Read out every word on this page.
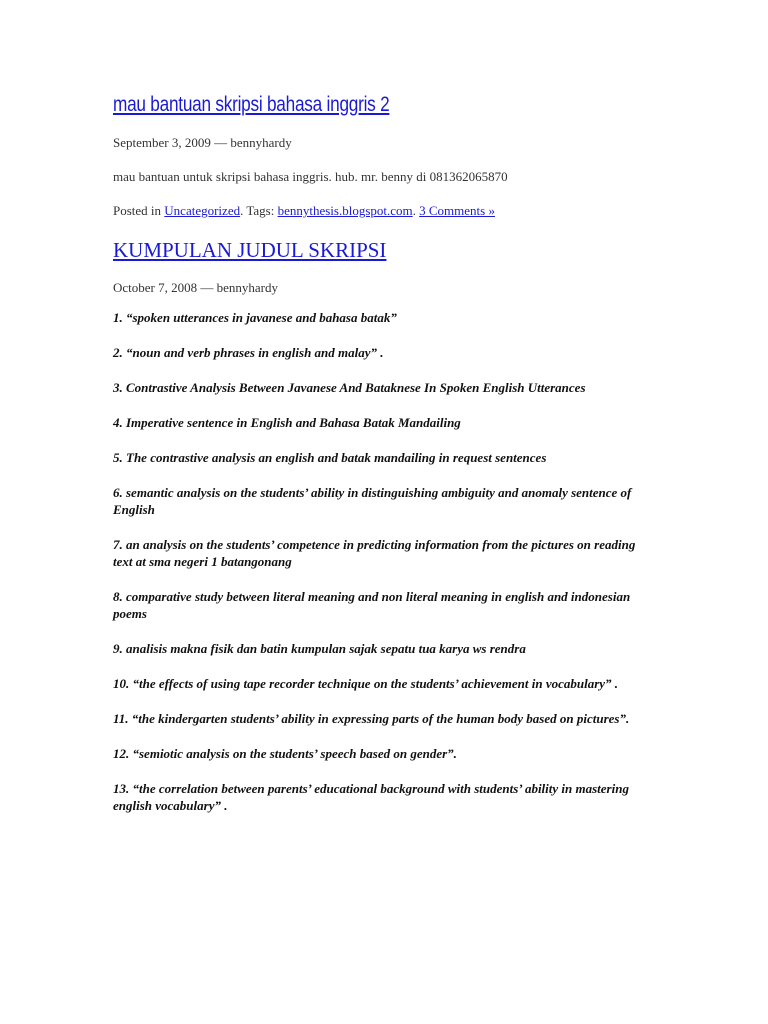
mau bantuan skripsi bahasa inggris 2
September 3, 2009 — bennyhardy
mau bantuan untuk skripsi bahasa inggris. hub. mr. benny di 081362065870
Posted in Uncategorized. Tags: bennythesis.blogspot.com. 3 Comments »
KUMPULAN JUDUL SKRIPSI
October 7, 2008 — bennyhardy

1. “spoken utterances in javanese and bahasa batak”

2. “noun and verb phrases in english and malay” .

3. Contrastive Analysis Between Javanese And Bataknese In Spoken English Utterances

4. Imperative sentence in English and Bahasa Batak Mandailing

5. The contrastive analysis an english and batak mandailing in request sentences

6. semantic analysis on the students’ ability in distinguishing ambiguity and anomaly sentence of English

7. an analysis on the students’ competence in predicting information from the pictures on reading text at sma negeri 1 batangonang

8. comparative study between literal meaning and non literal meaning in english and indonesian poems

9. analisis makna fisik dan batin kumpulan sajak sepatu tua karya ws rendra

10. “the effects of using tape recorder technique on the students’ achievement in vocabulary” .

11. “the kindergarten students’ ability in expressing parts of the human body based on pictures”.

12. “semiotic analysis on the students’ speech based on gender”.

13. “the correlation between parents’ educational background with students’ ability in mastering english vocabulary” .
